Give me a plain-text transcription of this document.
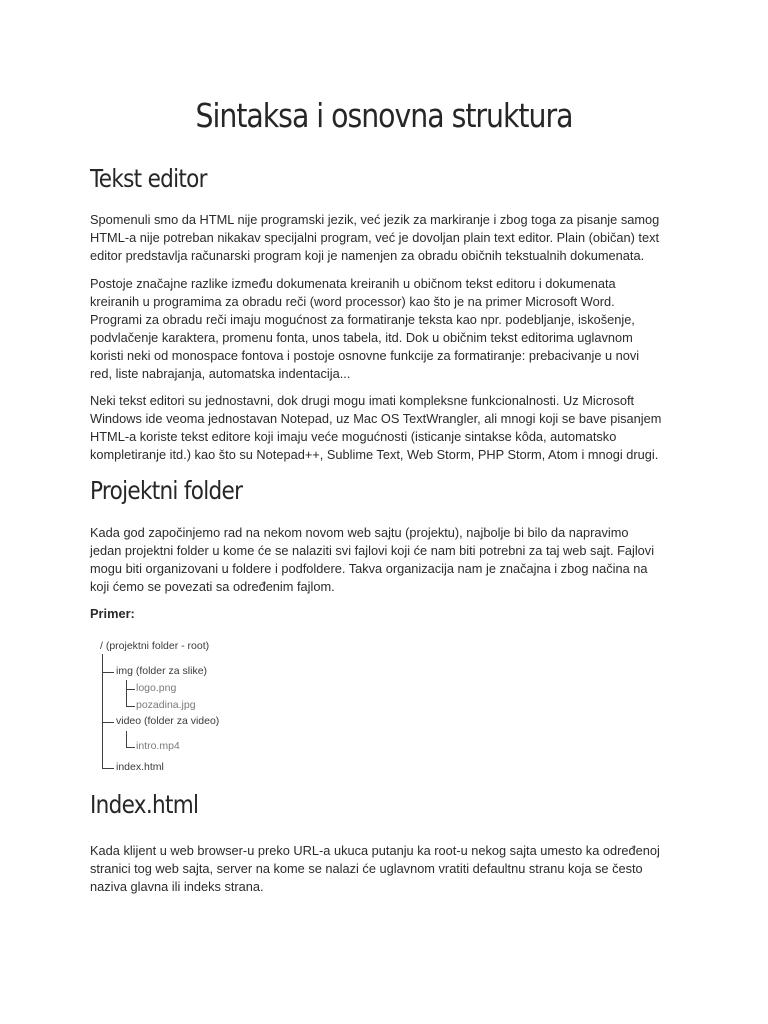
Sintaksa i osnovna struktura
Tekst editor

Spomenuli smo da HTML nije programski jezik, već jezik za markiranje i zbog toga za pisanje samog
HTML-a nije potreban nikakav specijalni program, već je dovoljan plain text editor. Plain (običan) text
editor predstavlja računarski program koji je namenjen za obradu običnih tekstualnih dokumenata.

Postoje značajne razlike između dokumenata kreiranih u običnom tekst editoru i dokumenata
kreiranih u programima za obradu reči (word processor) kao što je na primer Microsoft Word.
Programi za obradu reči imaju mogućnost za formatiranje teksta kao npr. podebljanje, iskošenje,
podvlačenje karaktera, promenu fonta, unos tabela, itd. Dok u običnim tekst editorima uglavnom
koristi neki od monospace fontova i postoje osnovne funkcije za formatiranje: prebacivanje u novi
red, liste nabrajanja, automatska indentacija...

Neki tekst editori su jednostavni, dok drugi mogu imati kompleksne funkcionalnosti. Uz Microsoft
Windows ide veoma jednostavan Notepad, uz Mac OS TextWrangler, ali mnogi koji se bave pisanjem
HTML-a koriste tekst editore koji imaju veće mogućnosti (isticanje sintakse kôda, automatsko
kompletiranje itd.) kao što su Notepad++, Sublime Text, Web Storm, PHP Storm, Atom i mnogi drugi.

Projektni folder

Kada god započinjemo rad na nekom novom web sajtu (projektu), najbolje bi bilo da napravimo
jedan projektni folder u kome će se nalaziti svi fajlovi koji će nam biti potrebni za taj web sajt. Fajlovi
mogu biti organizovani u foldere i podfoldere. Takva organizacija nam je značajna i zbog načina na
koji ćemo se povezati sa određenim fajlom.

Primer:

/ (projektni folder - root)
img (folder za slike)
logo.png
pozadina.jpg
video (folder za video)
intro.mp4
index.html
Index.html

Kada klijent u web browser-u preko URL-a ukuca putanju ka root-u nekog sajta umesto ka određenoj
stranici tog web sajta, server na kome se nalazi će uglavnom vratiti defaultnu stranu koja se često
naziva glavna ili indeks strana.
